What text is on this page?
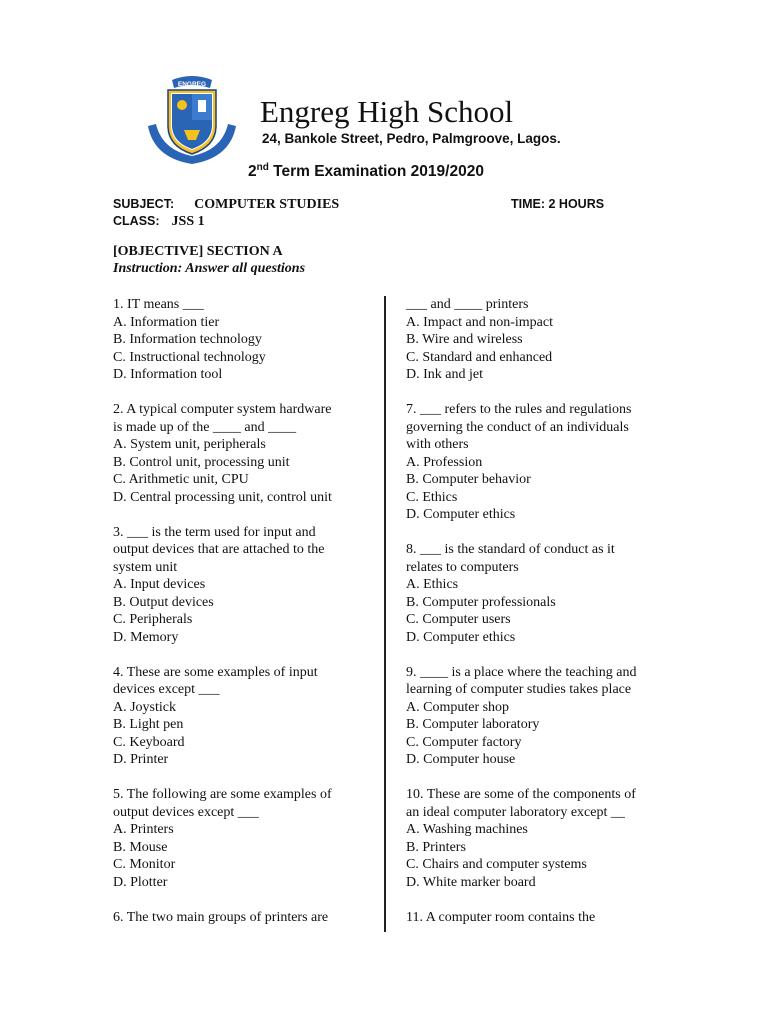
ENGREG
Engreg High School
24, Bankole Street, Pedro, Palmgroove, Lagos.
2nd Term Examination 2019/2020
SUBJECT: COMPUTER STUDIES
CLASS: JSS 1
TIME: 2 HOURS
[OBJECTIVE] SECTION A
Instruction: Answer all questions
1. IT means ___
A. Information tier
B. Information technology
C. Instructional technology
D. Information tool
2. A typical computer system hardware
is made up of the ____ and ____
A. System unit, peripherals
B. Control unit, processing unit
C. Arithmetic unit, CPU
D. Central processing unit, control unit
3. ___ is the term used for input and
output devices that are attached to the
system unit
A. Input devices
B. Output devices
C. Peripherals
D. Memory
4. These are some examples of input
devices except ___
A. Joystick
B. Light pen
C. Keyboard
D. Printer
5. The following are some examples of
output devices except ___
A. Printers
B. Mouse
C. Monitor
D. Plotter
6. The two main groups of printers are
___ and ____ printers
A. Impact and non-impact
B. Wire and wireless
C. Standard and enhanced
D. Ink and jet
7. ___ refers to the rules and regulations
governing the conduct of an individuals
with others
A. Profession
B. Computer behavior
C. Ethics
D. Computer ethics
8. ___ is the standard of conduct as it
relates to computers
A. Ethics
B. Computer professionals
C. Computer users
D. Computer ethics
9. ____ is a place where the teaching and
learning of computer studies takes place
A. Computer shop
B. Computer laboratory
C. Computer factory
D. Computer house
10. These are some of the components of
an ideal computer laboratory except __
A. Washing machines
B. Printers
C. Chairs and computer systems
D. White marker board
11. A computer room contains the
